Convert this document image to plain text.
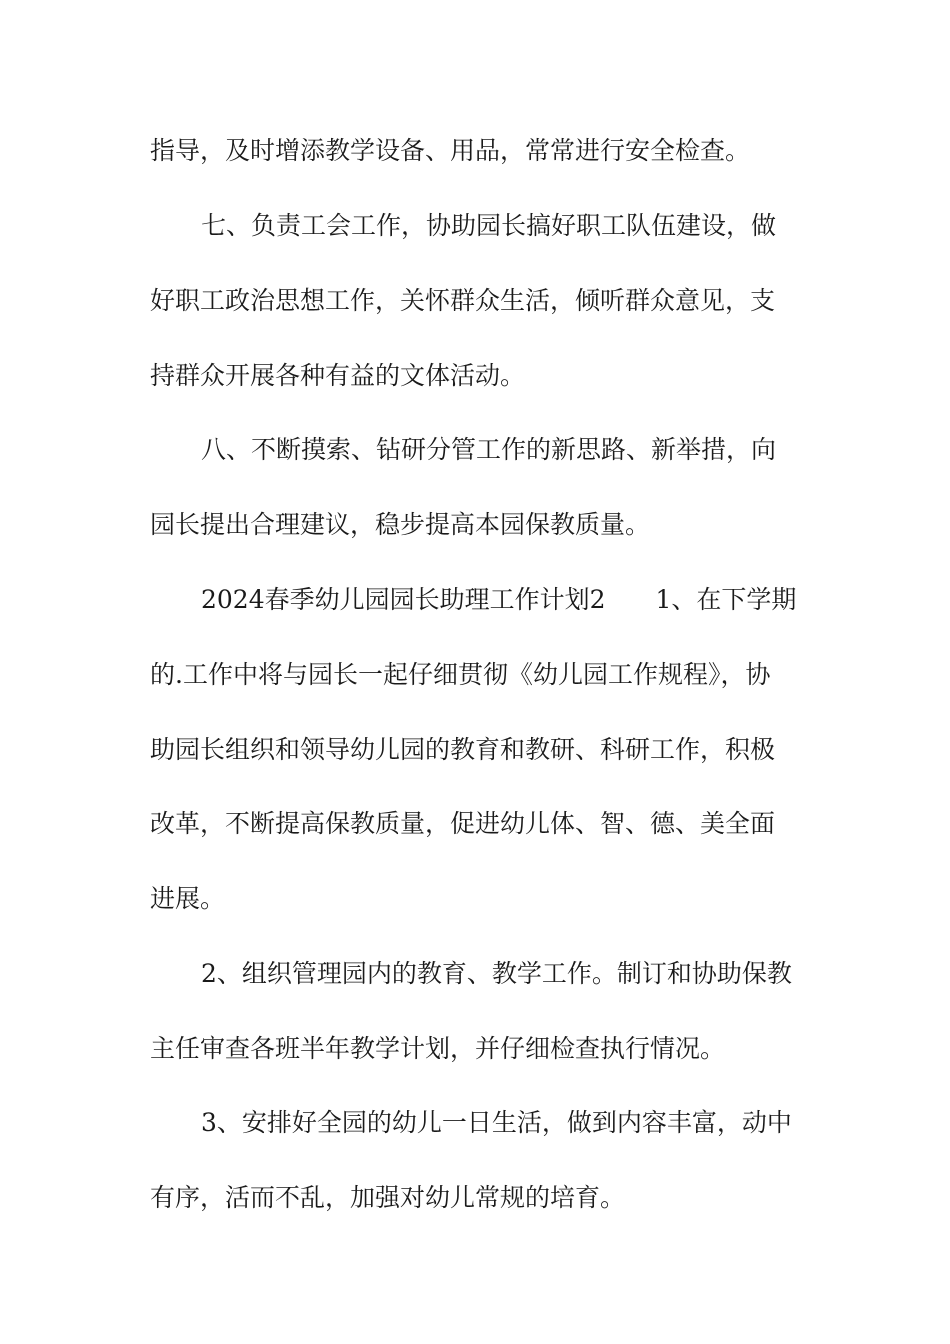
指导，及时增添教学设备、用品，常常进行安全检查。
七、负责工会工作，协助园长搞好职工队伍建设，做
好职工政治思想工作，关怀群众生活，倾听群众意见，支
持群众开展各种有益的文体活动。
八、不断摸索、钻研分管工作的新思路、新举措，向
园长提出合理建议，稳步提高本园保教质量。
2024春季幼儿园园长助理工作计划2　　1、在下学期
的.工作中将与园长一起仔细贯彻《幼儿园工作规程》，协
助园长组织和领导幼儿园的教育和教研、科研工作，积极
改革，不断提高保教质量，促进幼儿体、智、德、美全面
进展。
2、组织管理园内的教育、教学工作。制订和协助保教
主任审查各班半年教学计划，并仔细检查执行情况。
3、安排好全园的幼儿一日生活，做到内容丰富，动中
有序，活而不乱，加强对幼儿常规的培育。
